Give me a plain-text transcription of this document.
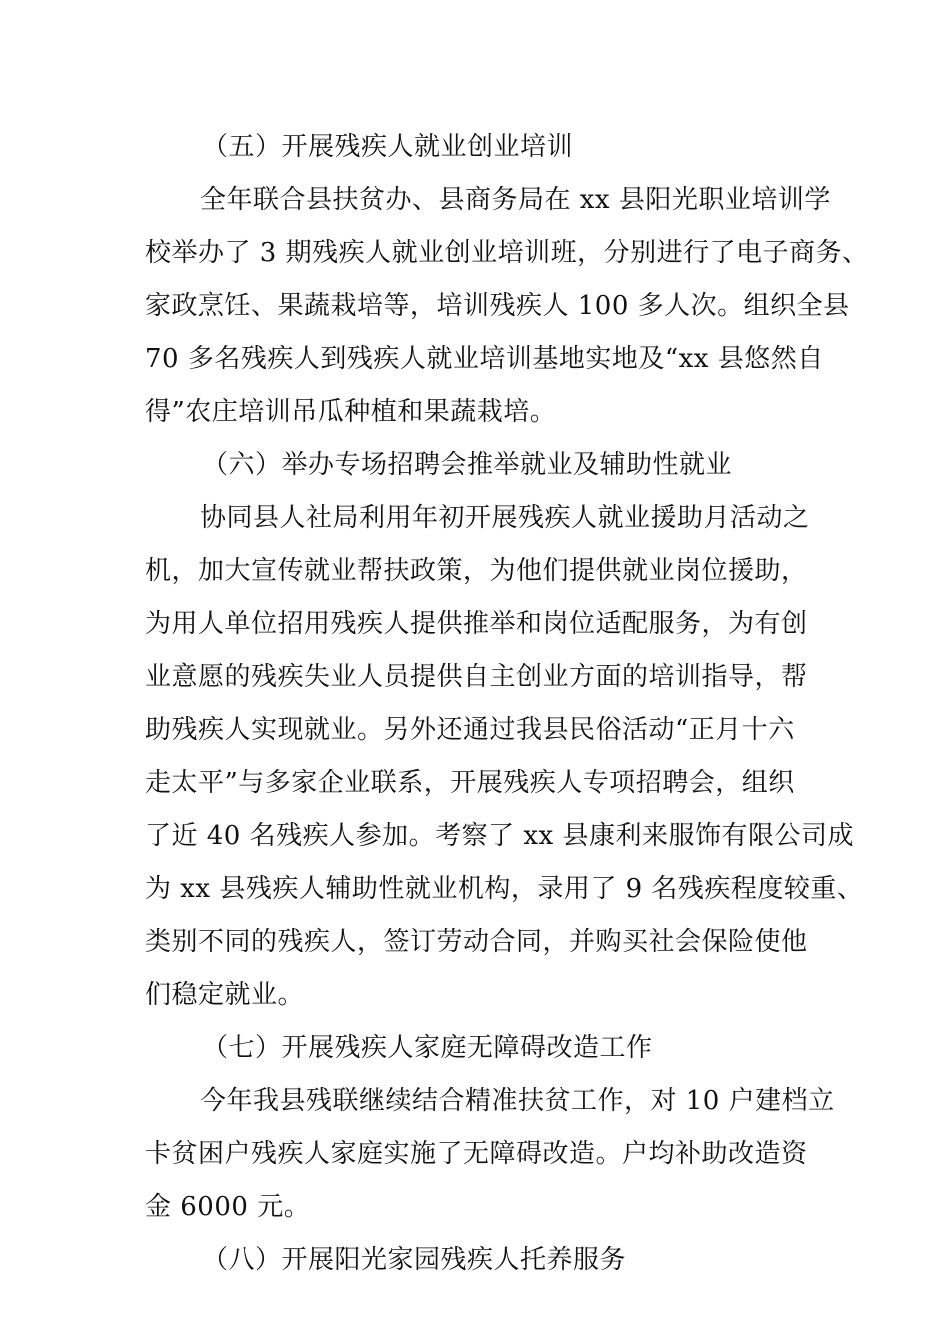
（五）开展残疾人就业创业培训
全年联合县扶贫办、县商务局在 xx 县阳光职业培训学
校举办了 3 期残疾人就业创业培训班，分别进行了电子商务、
家政烹饪、果蔬栽培等，培训残疾人 100 多人次。组织全县
70 多名残疾人到残疾人就业培训基地实地及“xx 县悠然自
得”农庄培训吊瓜种植和果蔬栽培。
（六）举办专场招聘会推举就业及辅助性就业
协同县人社局利用年初开展残疾人就业援助月活动之
机，加大宣传就业帮扶政策，为他们提供就业岗位援助，
为用人单位招用残疾人提供推举和岗位适配服务，为有创
业意愿的残疾失业人员提供自主创业方面的培训指导，帮
助残疾人实现就业。另外还通过我县民俗活动“正月十六
走太平”与多家企业联系，开展残疾人专项招聘会，组织
了近 40 名残疾人参加。考察了 xx 县康利来服饰有限公司成
为 xx 县残疾人辅助性就业机构，录用了 9 名残疾程度较重、
类别不同的残疾人，签订劳动合同，并购买社会保险使他
们稳定就业。
（七）开展残疾人家庭无障碍改造工作
今年我县残联继续结合精准扶贫工作，对 10 户建档立
卡贫困户残疾人家庭实施了无障碍改造。户均补助改造资
金 6000 元。
（八）开展阳光家园残疾人托养服务
